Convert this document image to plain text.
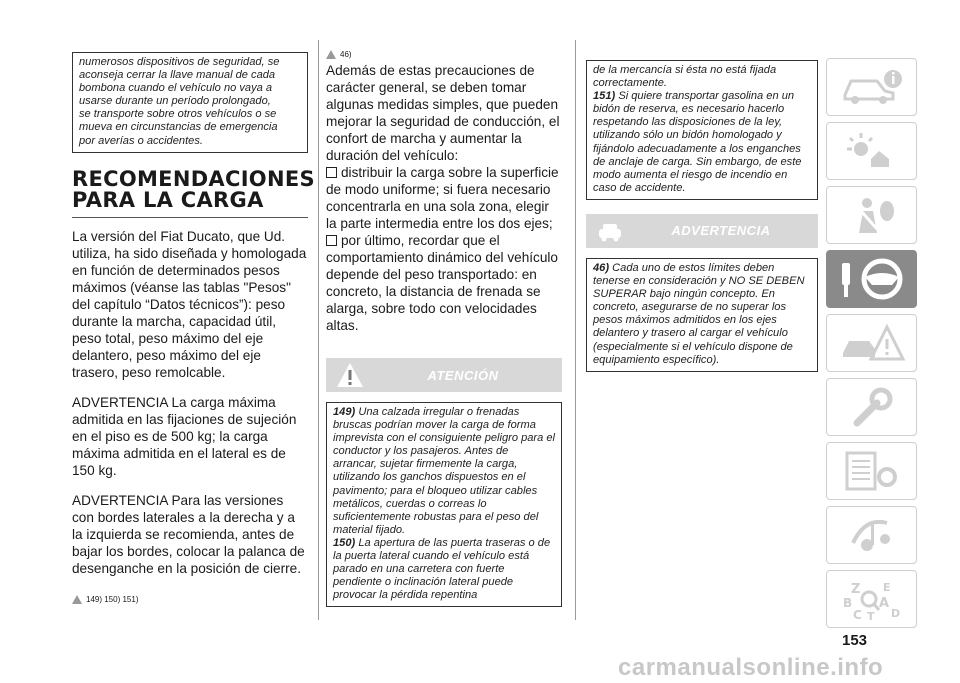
numerosos dispositivos de seguridad, se
aconseja cerrar la llave manual de cada
bombona cuando el vehículo no vaya a
usarse durante un período prolongado,
se transporte sobre otros vehículos o se
mueva en circunstancias de emergencia
por averías o accidentes.
RECOMENDACIONES
PARA LA CARGA

La versión del Fiat Ducato, que Ud. utiliza, ha sido diseñada y homologada en función de determinados pesos máximos (véanse las tablas "Pesos" del capítulo “Datos técnicos”): peso durante la marcha, capacidad útil, peso total, peso máximo del eje delantero, peso máximo del eje trasero, peso remolcable.

ADVERTENCIA La carga máxima admitida en las fijaciones de sujeción en el piso es de 500 kg; la carga máxima admitida en el lateral es de 150 kg.

ADVERTENCIA Para las versiones con bordes laterales a la derecha y a la izquierda se recomienda, antes de bajar los bordes, colocar la palanca de desenganche en la posición de cierre.

149) 150) 151)
46)

Además de estas precauciones de carácter general, se deben tomar algunas medidas simples, que pueden mejorar la seguridad de conducción, el confort de marcha y aumentar la duración del vehículo:

distribuir la carga sobre la superficie de modo uniforme; si fuera necesario concentrarla en una sola zona, elegir la parte intermedia entre los dos ejes;

por último, recordar que el comportamiento dinámico del vehículo depende del peso transportado: en concreto, la distancia de frenada se alarga, sobre todo con velocidades altas.

ATENCIÓN
149) Una calzada irregular o frenadas bruscas podrían mover la carga de forma imprevista con el consiguiente peligro para el conductor y los pasajeros. Antes de arrancar, sujetar firmemente la carga, utilizando los ganchos dispuestos en el pavimento; para el bloqueo utilizar cables metálicos, cuerdas o correas lo suficientemente robustas para el peso del material fijado.
150) La apertura de las puerta traseras o de la puerta lateral cuando el vehículo está parado en una carretera con fuerte pendiente o inclinación lateral puede provocar la pérdida repentina
de la mercancía si ésta no está fijada correctamente.
151) Si quiere transportar gasolina en un bidón de reserva, es necesario hacerlo respetando las disposiciones de la ley, utilizando sólo un bidón homologado y fijándolo adecuadamente a los enganches de anclaje de carga. Sin embargo, de este modo aumenta el riesgo de incendio en caso de accidente.
ADVERTENCIA
46) Cada uno de estos límites deben tenerse en consideración y NO SE DEBEN SUPERAR bajo ningún concepto. En concreto, asegurarse de no superar los pesos máximos admitidos en los ejes delantero y trasero al cargar el vehículo (especialmente si el vehículo dispone de equipamiento específico).
Z E
B A
C T D
153
carmanualsonline.info
